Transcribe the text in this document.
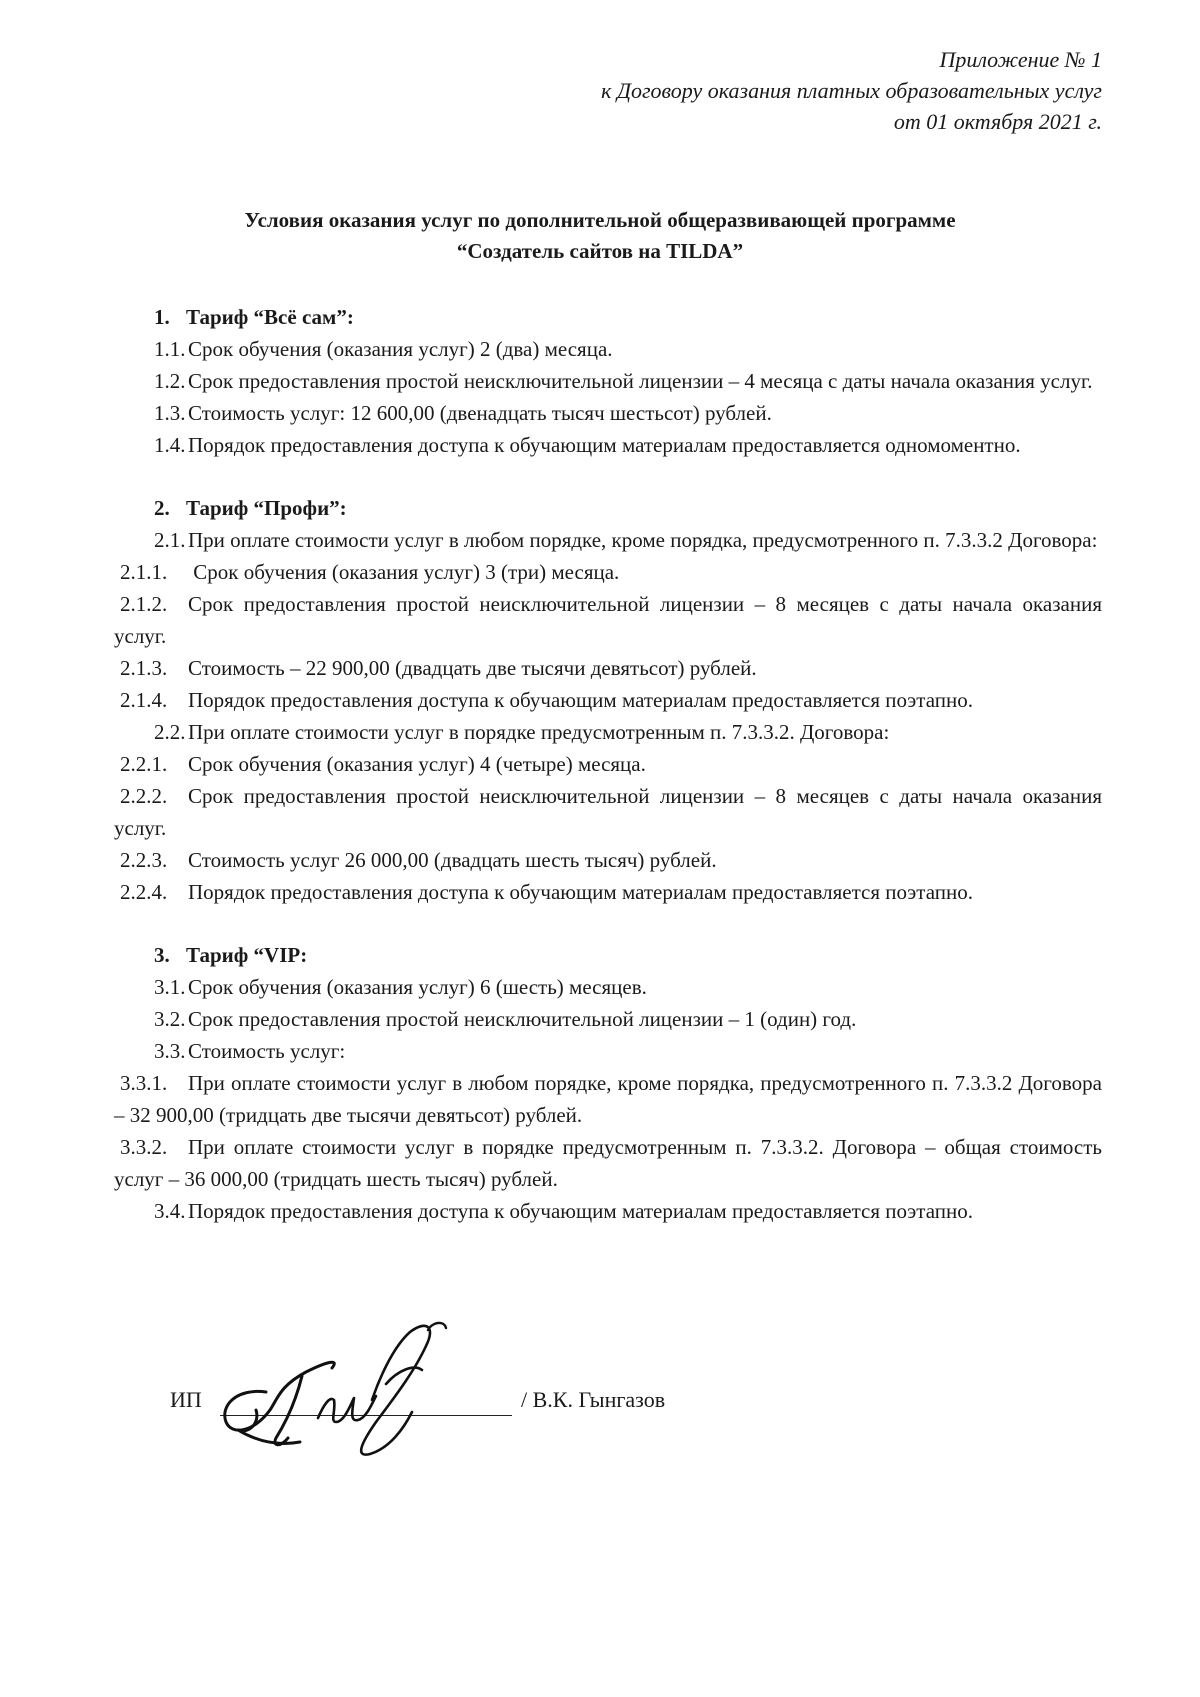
Приложение № 1
к Договору оказания платных образовательных услуг
от 01 октября 2021 г.
Условия оказания услуг по дополнительной общеразвивающей программе
“Создатель сайтов на TILDA”

1. Тариф “Всё сам”:

1.1. Срок обучения (оказания услуг) 2 (два) месяца.

1.2. Срок предоставления простой неисключительной лицензии – 4 месяца с даты начала оказания услуг.

1.3. Стоимость услуг: 12 600,00 (двенадцать тысяч шестьсот) рублей.

1.4. Порядок предоставления доступа к обучающим материалам предоставляется одномоментно.

2. Тариф “Профи”:

2.1. При оплате стоимости услуг в любом порядке, кроме порядка, предусмотренного п. 7.3.3.2 Договора:

2.1.1. Срок обучения (оказания услуг) 3 (три) месяца.

2.1.2. Срок предоставления простой неисключительной лицензии – 8 месяцев с даты начала оказания услуг.

2.1.3. Стоимость – 22 900,00 (двадцать две тысячи девятьсот) рублей.

2.1.4. Порядок предоставления доступа к обучающим материалам предоставляется поэтапно.

2.2. При оплате стоимости услуг в порядке предусмотренным п. 7.3.3.2. Договора:

2.2.1. Срок обучения (оказания услуг) 4 (четыре) месяца.

2.2.2. Срок предоставления простой неисключительной лицензии – 8 месяцев с даты начала оказания услуг.

2.2.3. Стоимость услуг 26 000,00 (двадцать шесть тысяч) рублей.

2.2.4. Порядок предоставления доступа к обучающим материалам предоставляется поэтапно.

3. Тариф “VIP:

3.1. Срок обучения (оказания услуг) 6 (шесть) месяцев.

3.2. Срок предоставления простой неисключительной лицензии – 1 (один) год.

3.3. Стоимость услуг:

3.3.1. При оплате стоимости услуг в любом порядке, кроме порядка, предусмотренного п. 7.3.3.2 Договора – 32 900,00 (тридцать две тысячи девятьсот) рублей.

3.3.2. При оплате стоимости услуг в порядке предусмотренным п. 7.3.3.2. Договора – общая стоимость услуг – 36 000,00 (тридцать шесть тысяч) рублей.

3.4. Порядок предоставления доступа к обучающим материалам предоставляется поэтапно.

ИП	/ В.К. Гынгазов
